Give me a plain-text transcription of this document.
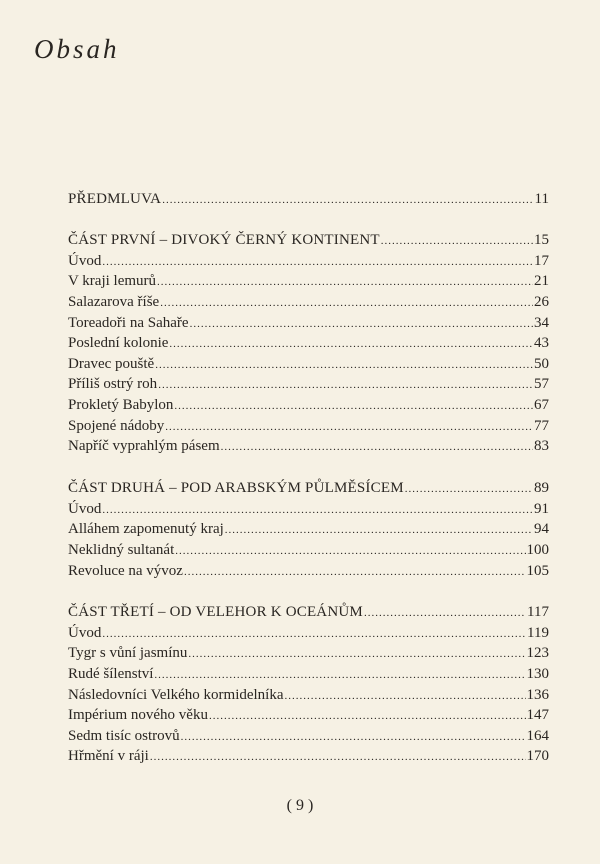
Obsah
PŘEDMLUVA .....	11
ČÁST PRVNÍ – DIVOKÝ ČERNÝ KONTINENT .....	15
Úvod .....	17
V kraji lemurů .....	21
Salazarova říše .....	26
Toreadoři na Sahaře .....	34
Poslední kolonie .....	43
Dravec pouště .....	50
Příliš ostrý roh .....	57
Prokletý Babylon .....	67
Spojené nádoby .....	77
Napříč vyprahlým pásem .....	83
ČÁST DRUHÁ – POD ARABSKÝM PŮLMĚSÍCEM .....	89
Úvod .....	91
Alláhem zapomenutý kraj .....	94
Neklidný sultanát .....	100
Revoluce na vývoz .....	105
ČÁST TŘETÍ – OD VELEHOR K OCEÁNŮM .....	117
Úvod .....	119
Tygr s vůní jasmínu .....	123
Rudé šílenství .....	130
Následovníci Velkého kormidelníka .....	136
Impérium nového věku .....	147
Sedm tisíc ostrovů .....	164
Hřmění v ráji .....	170
( 9 )
